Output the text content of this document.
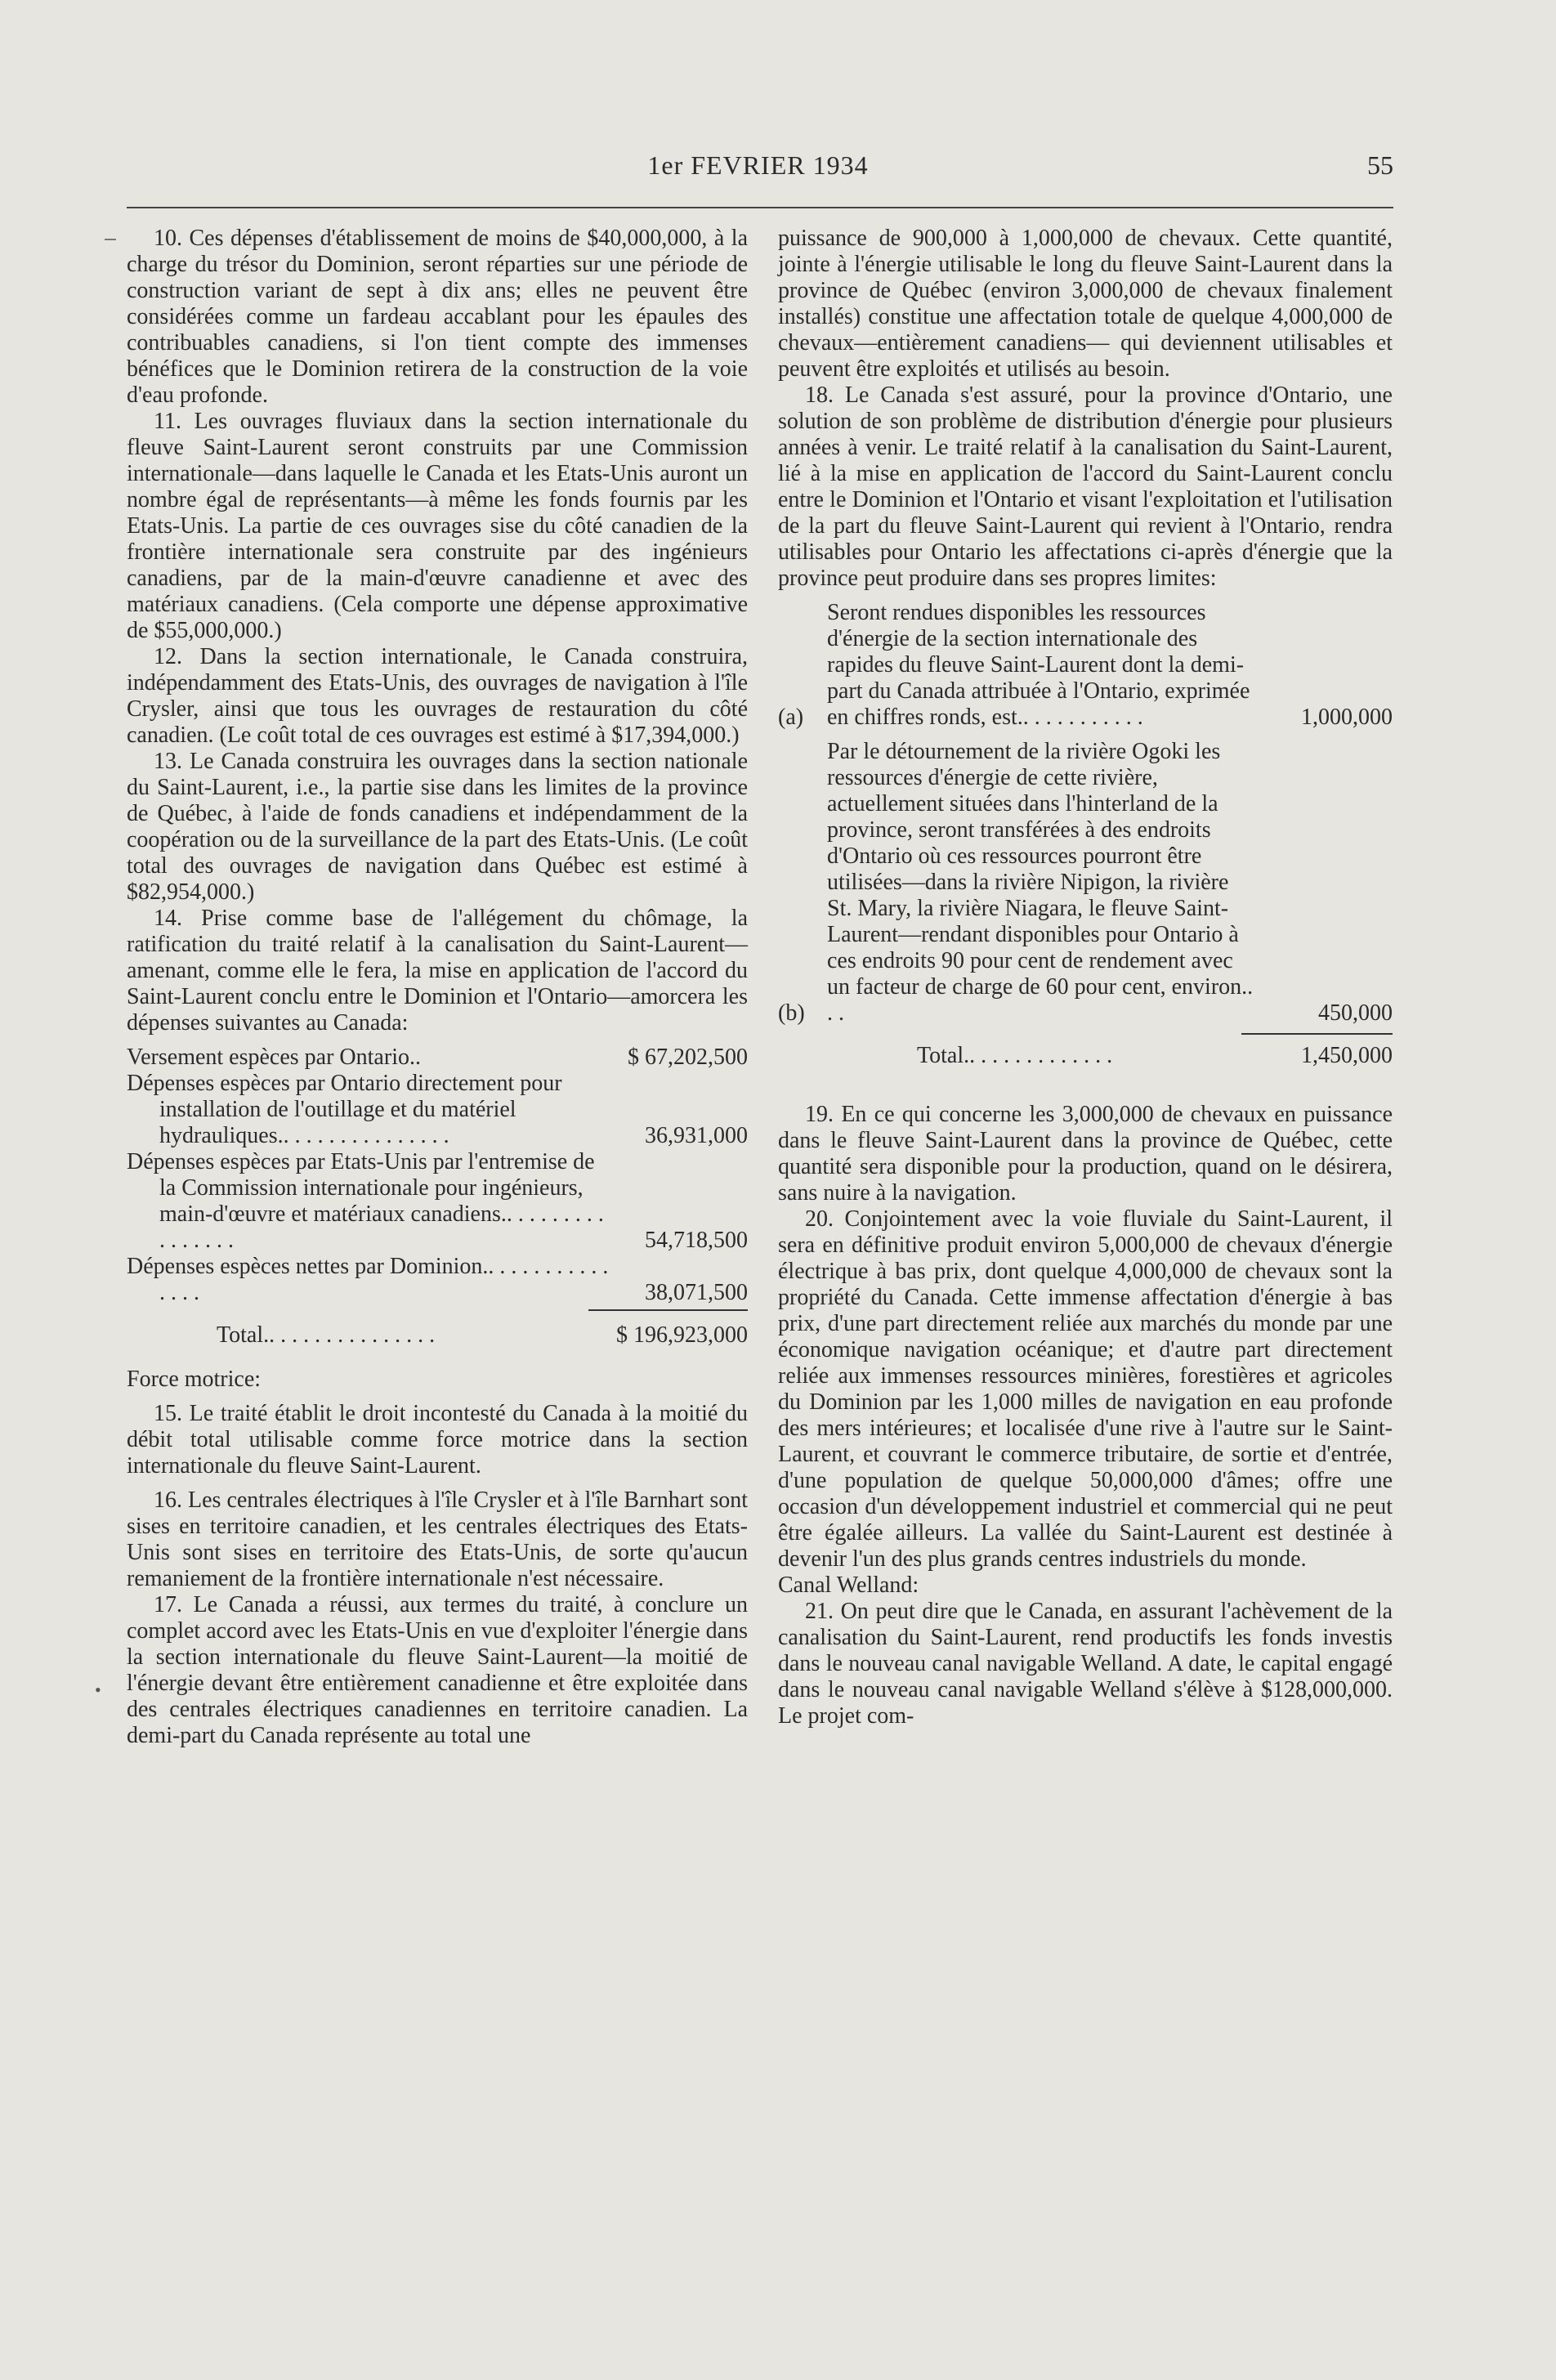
1er FEVRIER 1934	55
•

10. Ces dépenses d'établissement de moins de $40,000,000, à la charge du trésor du Dominion, seront réparties sur une période de construction variant de sept à dix ans; elles ne peuvent être considérées comme un fardeau accablant pour les épaules des contribuables canadiens, si l'on tient compte des immenses bénéfices que le Dominion retirera de la construction de la voie d'eau profonde.

11. Les ouvrages fluviaux dans la section internationale du fleuve Saint-Laurent seront construits par une Commission internationale—dans laquelle le Canada et les Etats-Unis auront un nombre égal de représentants—à même les fonds fournis par les Etats-Unis. La partie de ces ouvrages sise du côté canadien de la frontière internationale sera construite par des ingénieurs canadiens, par de la main-d'œuvre canadienne et avec des matériaux canadiens. (Cela comporte une dépense approximative de $55,000,000.)

12. Dans la section internationale, le Canada construira, indépendamment des Etats-Unis, des ouvrages de navigation à l'île Crysler, ainsi que tous les ouvrages de restauration du côté canadien. (Le coût total de ces ouvrages est estimé à $17,394,000.)

13. Le Canada construira les ouvrages dans la section nationale du Saint-Laurent, i.e., la partie sise dans les limites de la province de Québec, à l'aide de fonds canadiens et indépendamment de la coopération ou de la surveillance de la part des Etats-Unis. (Le coût total des ouvrages de navigation dans Québec est estimé à $82,954,000.)

14. Prise comme base de l'allégement du chômage, la ratification du traité relatif à la canalisation du Saint-Laurent—amenant, comme elle le fera, la mise en application de l'accord du Saint-Laurent conclu entre le Dominion et l'Ontario—amorcera les dépenses suivantes au Canada:

Versement espèces par Ontario..	$ 67,202,500
Dépenses espèces par Ontario directement pour installation de l'outillage et du matériel hydrauliques.. . . . . . . . . . . . . . .	36,931,000
Dépenses espèces par Etats-Unis par l'entremise de la Commission internationale pour ingénieurs, main-d'œuvre et matériaux canadiens.. . . . . . . . . . . . . . . .	54,718,500
Dépenses espèces nettes par Dominion.. . . . . . . . . . . . . . .	38,071,500
Total.. . . . . . . . . . . . . . .	$ 196,923,000

Force motrice:

15. Le traité établit le droit incontesté du Canada à la moitié du débit total utilisable comme force motrice dans la section internationale du fleuve Saint-Laurent.

16. Les centrales électriques à l'île Crysler et à l'île Barnhart sont sises en territoire canadien, et les centrales électriques des Etats-Unis sont sises en territoire des Etats-Unis, de sorte qu'aucun remaniement de la frontière internationale n'est nécessaire.

17. Le Canada a réussi, aux termes du traité, à conclure un complet accord avec les Etats-Unis en vue d'exploiter l'énergie dans la section internationale du fleuve Saint-Laurent—la moitié de l'énergie devant être entièrement canadienne et être exploitée dans des centrales électriques canadiennes en territoire canadien. La demi-part du Canada représente au total une

puissance de 900,000 à 1,000,000 de chevaux. Cette quantité, jointe à l'énergie utilisable le long du fleuve Saint-Laurent dans la province de Québec (environ 3,000,000 de chevaux finalement installés) constitue une affectation totale de quelque 4,000,000 de chevaux—entièrement canadiens— qui deviennent utilisables et peuvent être exploités et utilisés au besoin.

18. Le Canada s'est assuré, pour la province d'Ontario, une solution de son problème de distribution d'énergie pour plusieurs années à venir. Le traité relatif à la canalisation du Saint-Laurent, lié à la mise en application de l'accord du Saint-Laurent conclu entre le Dominion et l'Ontario et visant l'exploitation et l'utilisation de la part du fleuve Saint-Laurent qui revient à l'Ontario, rendra utilisables pour Ontario les affectations ci-après d'énergie que la province peut produire dans ses propres limites:

(a)
Seront rendues disponibles les ressources d'énergie de la section internationale des rapides du fleuve Saint-Laurent dont la demi-part du Canada attribuée à l'Ontario, exprimée en chiffres ronds, est.. . . . . . . . . . .	1,000,000
(b)
Par le détournement de la rivière Ogoki les ressources d'énergie de cette rivière, actuellement situées dans l'hinterland de la province, seront transférées à des endroits d'Ontario où ces ressources pourront être utilisées—dans la rivière Nipigon, la rivière St. Mary, la rivière Niagara, le fleuve Saint-Laurent—rendant disponibles pour Ontario à ces endroits 90 pour cent de rendement avec un facteur de charge de 60 pour cent, environ.. . .	450,000
Total.. . . . . . . . . . . . .	1,450,000

19. En ce qui concerne les 3,000,000 de chevaux en puissance dans le fleuve Saint-Laurent dans la province de Québec, cette quantité sera disponible pour la production, quand on le désirera, sans nuire à la navigation.

20. Conjointement avec la voie fluviale du Saint-Laurent, il sera en définitive produit environ 5,000,000 de chevaux d'énergie électrique à bas prix, dont quelque 4,000,000 de chevaux sont la propriété du Canada. Cette immense affectation d'énergie à bas prix, d'une part directement reliée aux marchés du monde par une économique navigation océanique; et d'autre part directement reliée aux immenses ressources minières, forestières et agricoles du Dominion par les 1,000 milles de navigation en eau profonde des mers intérieures; et localisée d'une rive à l'autre sur le Saint-Laurent, et couvrant le commerce tributaire, de sortie et d'entrée, d'une population de quelque 50,000,000 d'âmes; offre une occasion d'un développement industriel et commercial qui ne peut être égalée ailleurs. La vallée du Saint-Laurent est destinée à devenir l'un des plus grands centres industriels du monde.

Canal Welland:

21. On peut dire que le Canada, en assurant l'achèvement de la canalisation du Saint-Laurent, rend productifs les fonds investis dans le nouveau canal navigable Welland. A date, le capital engagé dans le nouveau canal navigable Welland s'élève à $128,000,000. Le projet com-
